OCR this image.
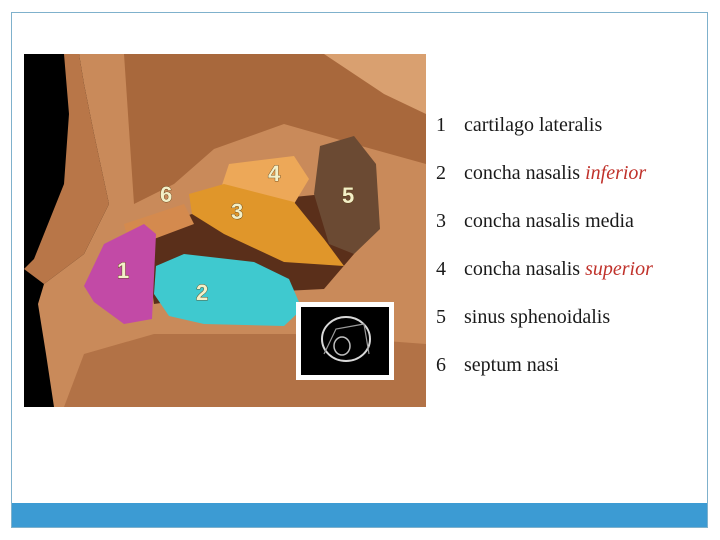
1
2
3
4
5
6
1 cartilago lateralis
2 concha nasalis inferior
3 concha nasalis media
4 concha nasalis superior
5 sinus sphenoidalis
6 septum nasi
